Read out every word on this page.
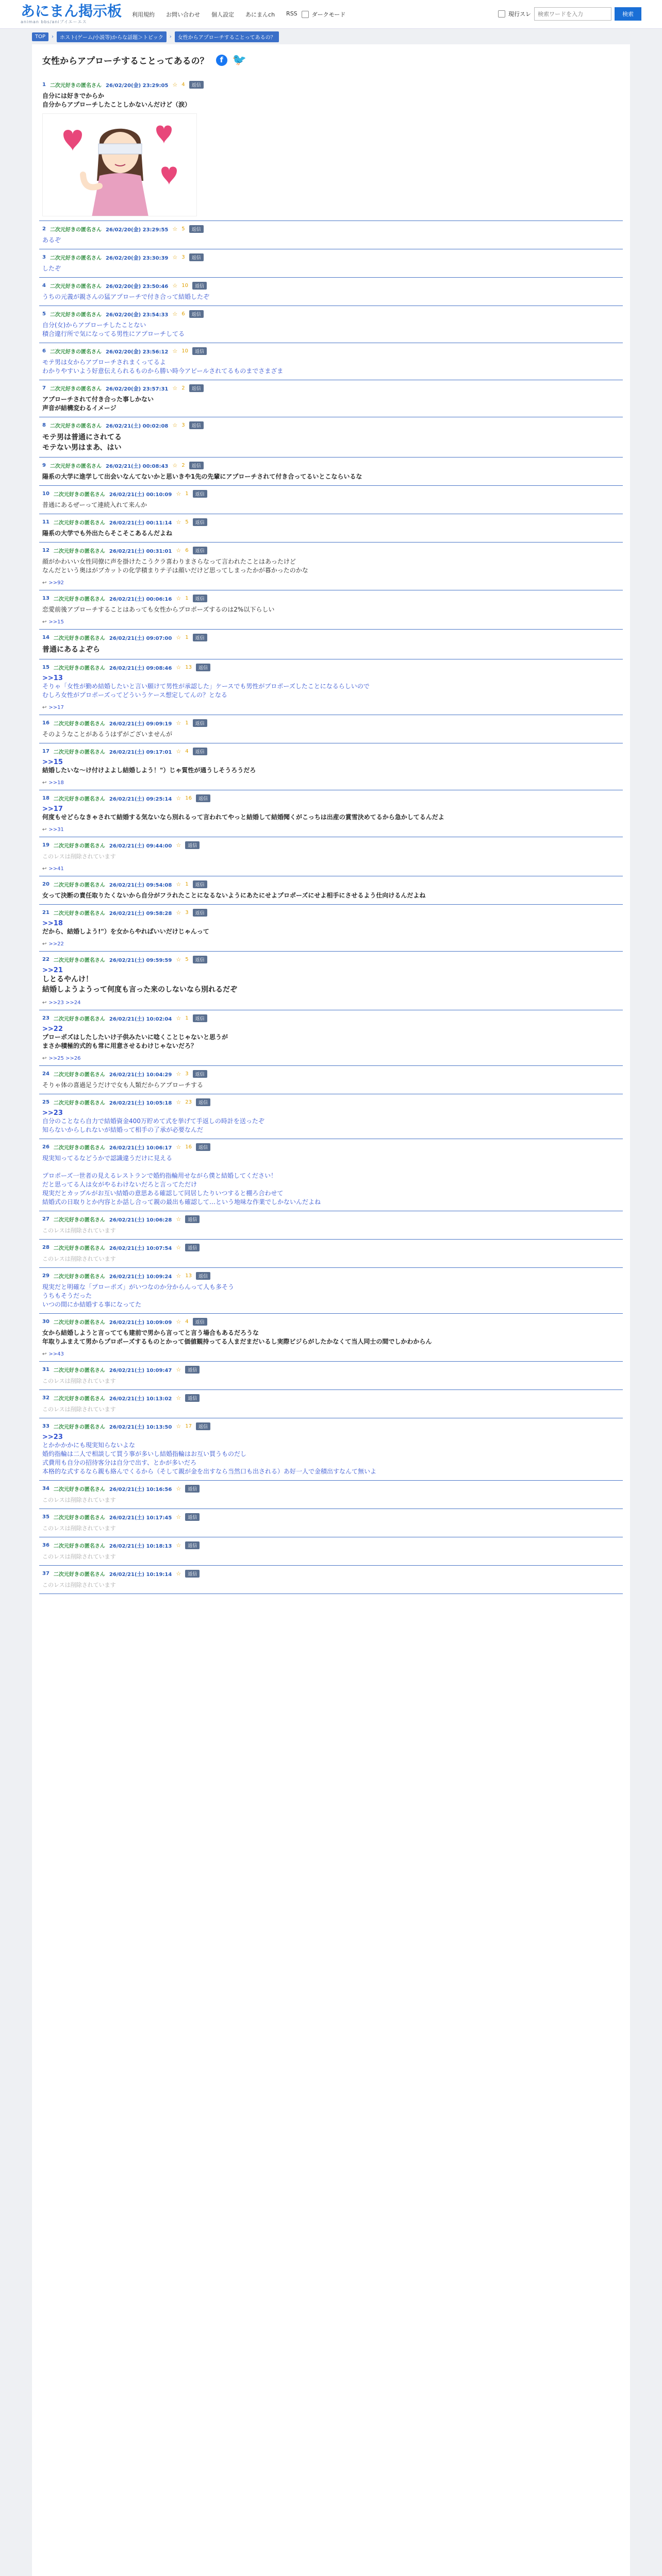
あにまん掲示板
animan bbs/aniブイエーエス
利用規約 お問い合わせ 個人設定 あにまんch RSS	ダークモード	現行スレ
検索ワードを入力	検索
TOP	›	ホスト(ゲーム/小説等)からな話題＞トピック	›	女性からアプローチすることってあるの？
女性からアプローチすることってあるの？	f 🐦
1 二次元好きの匿名さん 26/02/20(金) 23:29:05 ☆ 4	返信
自分には好きでからか
自分からアプローチしたことしかないんだけど（涙）
2 二次元好きの匿名さん 26/02/20(金) 23:29:55 ☆ 5	返信
あるぞ
3 二次元好きの匿名さん 26/02/20(金) 23:30:39 ☆ 3	返信
したぞ
4 二次元好きの匿名さん 26/02/20(金) 23:50:46 ☆ 10	返信
うちの元義が親さんの猛アプローチで付き合って結婚したぞ
5 二次元好きの匿名さん 26/02/20(金) 23:54:33 ☆ 6	返信
自分(女)からアプローチしたことない
積合違行所で気になってる男性にアプローチしてる
6 二次元好きの匿名さん 26/02/20(金) 23:56:12 ☆ 10	返信
モテ男は女からアプローチされまくってるよ
わかりやすいよう好意伝えられるものから勝い時今アピールされてるものまでさまざま
7 二次元好きの匿名さん 26/02/20(金) 23:57:31 ☆ 2	返信
アプローチされて付き合った事しかない
声音が結構変わるイメージ
8 二次元好きの匿名さん 26/02/21(土) 00:02:08 ☆ 3	返信
モテ男は普通にされてる
モテない男はまあ、はい
9 二次元好きの匿名さん 26/02/21(土) 00:08:43 ☆ 2	返信
陽系の大学に進学して出会いなんてないかと思いきや1先の先輩にアプローチされて付き合ってるいとこならいるな
10 二次元好きの匿名さん 26/02/21(土) 00:10:09 ☆ 1	返信
普通にあるぜーって連続入れて来んか
11 二次元好きの匿名さん 26/02/21(土) 00:11:14 ☆ 5	返信
陽系の大学でも外出たらそこそこあるんだよね
12 二次元好きの匿名さん 26/02/21(土) 00:31:01 ☆ 6	返信
顔がかわいい女性同僚に声を掛けたこうクラ喜わりまさらなって言われたことはあったけど
なんだという奥はがブカットの化学積まりテ子は顔いだけど思ってしまったかが暮かったのかな
↩ >>92
13 二次元好きの匿名さん 26/02/21(土) 00:06:16 ☆ 1	返信
恋愛前後アプローチすることはあっても女性からプロポーズするのは2%以下らしい
↩ >>15
14 二次元好きの匿名さん 26/02/21(土) 09:07:00 ☆ 1	返信
普通にあるよぞら
15 二次元好きの匿名さん 26/02/21(土) 09:08:46 ☆ 13	返信
>>13
そりゃ「女性が勤め結婚したいと言い願けて男性が承認した」ケースでも男性がプロポーズしたことになるらしいので
むしろ女性がプロポーズってどういうケース想定してんの？となる
↩ >>17
16 二次元好きの匿名さん 26/02/21(土) 09:09:19 ☆ 1	返信
そのようなことがあるうはずがございませんが
17 二次元好きの匿名さん 26/02/21(土) 09:17:01 ☆ 4	返信
>>15
結婚したいな〜け付けよよし結婚しよう！"）じゃ質性が通うしそうろうだろ
↩ >>18
18 二次元好きの匿名さん 26/02/21(土) 09:25:14 ☆ 16	返信
>>17
何度もせどらなきゃされて結婚する気ないなら別れるって言われてやっと結婚して結婚聞くがこっちは出産の賞雪決めてるから急かしてるんだよ
↩ >>31
19 二次元好きの匿名さん 26/02/21(土) 09:44:00 ☆	返信
このレスは削除されています
↩ >>41
20 二次元好きの匿名さん 26/02/21(土) 09:54:08 ☆ 1	返信
女って決断の責任取りたくないから自分がフラれたことになるないようにあたにせよプロポーズにせよ相手にさせるよう仕向けるんだよね
21 二次元好きの匿名さん 26/02/21(土) 09:58:28 ☆ 3	返信
>>18
だから、結婚しよう!"）を女からやればいいだけじゃんって
↩ >>22
22 二次元好きの匿名さん 26/02/21(土) 09:59:59 ☆ 5	返信
>>21
しとるやんけ！
結婚しようようって何度も言った来のしないなら別れるだぞ
↩ >>23 >>24
23 二次元好きの匿名さん 26/02/21(土) 10:02:04 ☆ 1	返信
>>22
プローポズはしたしたいけ子供みたいに唸くことじゃないと思うが
まさか積極的式的も常に用意させるわけじゃないだろ？
↩ >>25 >>26
24 二次元好きの匿名さん 26/02/21(土) 10:04:29 ☆ 3	返信
そりゃ体の喜過足うだけで女も人類だからアプローチする
25 二次元好きの匿名さん 26/02/21(土) 10:05:18 ☆ 23	返信
>>23
自分のことなら自力で結婚資金400万貯めて式を挙げて手返しの時計を送ったぞ
知らないからしれないが結婚って相手の了承が必要なんだ
26 二次元好きの匿名さん 26/02/21(土) 10:06:17 ☆ 16	返信
現実知ってるなどうかで認識違うだけに見える

プロポーズ一世者の見えるレストランで婚約指輪用せながら僕と結婚してください！
だと思ってる人は女がやるわけないだろと言ってただけ
現実だとカップルがお互い結婚の意思ある確認して同居したりいつすると棚ろ合わせて
結婚式の日取りとか内容とか話し合って親の最出も確認して…という地味な作業でしかないんだよね
27 二次元好きの匿名さん 26/02/21(土) 10:06:28 ☆	返信
このレスは削除されています
28 二次元好きの匿名さん 26/02/21(土) 10:07:54 ☆	返信
このレスは削除されています
29 二次元好きの匿名さん 26/02/21(土) 10:09:24 ☆ 13	返信
現実だと明確な「プローポズ」がいつなのか分からんって人も多そう
うちもそうだった
いつの間にか結婚する事になってた
30 二次元好きの匿名さん 26/02/21(土) 10:09:09 ☆ 4	返信
女から結婚しようと言ってても建前で男から言ってと言う場合もあるだろうな
年取りふまえて男からプロポーズするものとかって価値観持ってる人まだまだいるし実際ビジらがしたかなくて当人同士の間でしかわからん
↩ >>43
31 二次元好きの匿名さん 26/02/21(土) 10:09:47 ☆	返信
このレスは削除されています
32 二次元好きの匿名さん 26/02/21(土) 10:13:02 ☆	返信
このレスは削除されています
33 二次元好きの匿名さん 26/02/21(土) 10:13:50 ☆ 17	返信
>>23
とかかかかにも現実知らないよな
婚約指輪は二人で相談して買う事が多いし結婚指輪はお互い買うものだし
式費用も自分の招待客分は自分で出す、とかが多いだろ
本格的な式するなら親も絡んでくるから（そして親が金を出すなら当然口も出される）あ好一人で金積出すなんて無いよ
34 二次元好きの匿名さん 26/02/21(土) 10:16:56 ☆	返信
このレスは削除されています
35 二次元好きの匿名さん 26/02/21(土) 10:17:45 ☆	返信
このレスは削除されています
36 二次元好きの匿名さん 26/02/21(土) 10:18:13 ☆	返信
このレスは削除されています
37 二次元好きの匿名さん 26/02/21(土) 10:19:14 ☆	返信
このレスは削除されています
